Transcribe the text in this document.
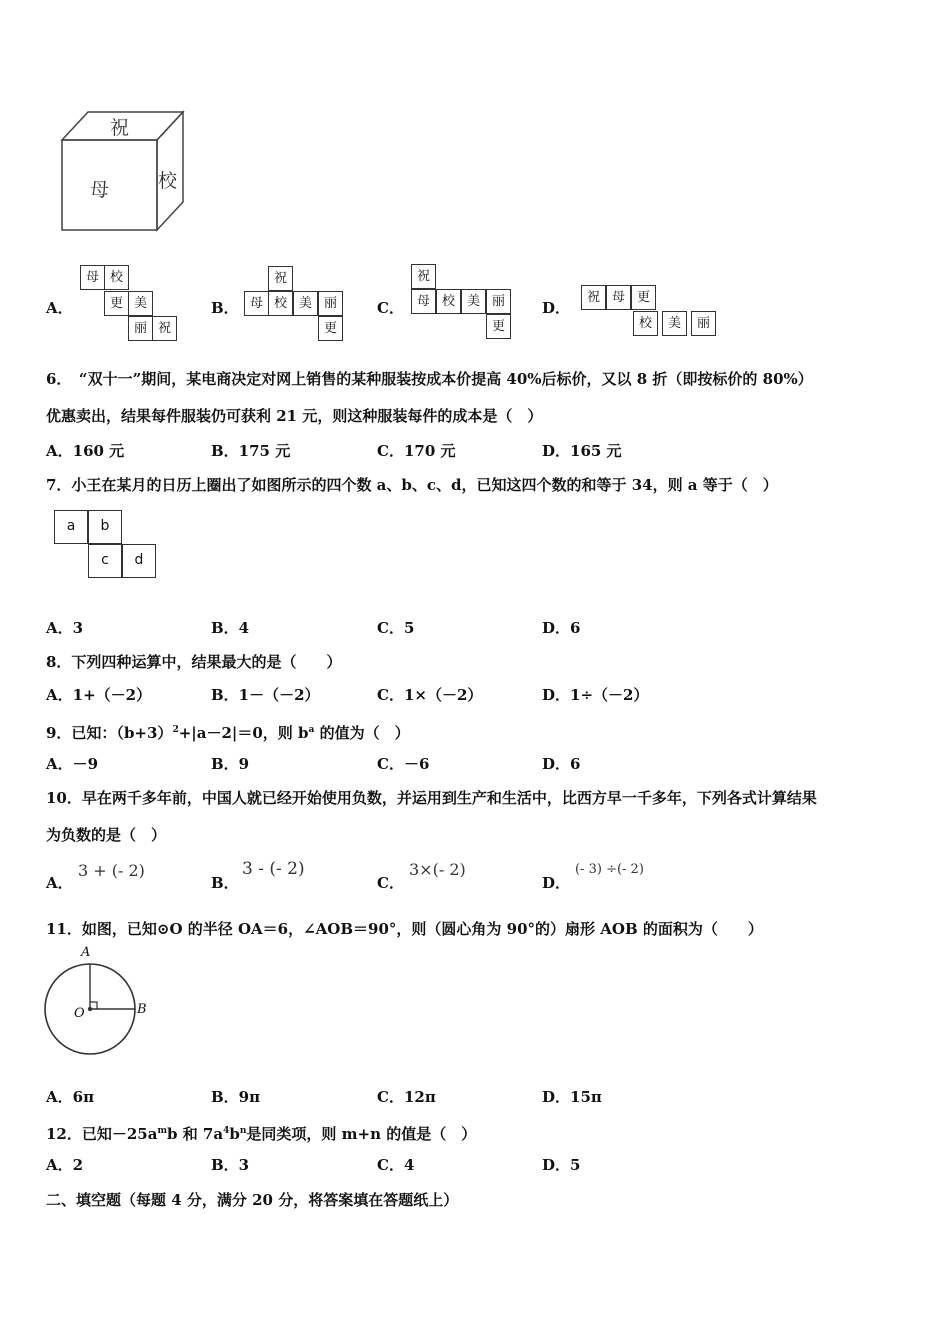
祝
母	校
A．
母 校
更 美
丽 祝
B．
祝
母 校 美 丽
更
C．
祝
母 校 美 丽
更
D．
祝 母 更
校	美	丽
6．　“双十一”期间，某电商决定对网上销售的某种服装按成本价提高 40%后标价，又以 8 折（即按标价的 80%）
优惠卖出，结果每件服装仍可获利 21 元，则这种服装每件的成本是（　）
A．160 元	B．175 元	C．170 元	D．165 元
7．小王在某月的日历上圈出了如图所示的四个数 a、b、c、d，已知这四个数的和等于 34，则 a 等于（　）
a	b
c	d
A．3	B．4	C．5	D．6
8．下列四种运算中，结果最大的是（　　）
A．1+（－2）	B．1－（－2）	C．1×（－2）	D．1÷（－2）
9．已知：$(b+3)^2+|a-2|=0$，则 $b^a$ 的值为（　）
A．－9	B．9	C．－6	D．6
10．早在两千多年前，中国人就已经开始使用负数，并运用到生产和生活中，比西方早一千多年，下列各式计算结果
为负数的是（　）
A．
3 + (- 2)
B．
3 - (- 2)
C．
3×(- 2)
D．
(- 3) ÷(- 2)
11．如图，已知⊙O 的半径 OA＝6，∠AOB＝90°，则（圆心角为 90°的）扇形 AOB 的面积为（　　）
A
O	B
A．6π	B．9π	C．12π	D．15π
12．已知$-25a^mb$ 和 $7a^4b^n$是同类项，则 m+n 的值是（　）
A．2	B．3	C．4	D．5
二、填空题（每题 4 分，满分 20 分，将答案填在答题纸上）
